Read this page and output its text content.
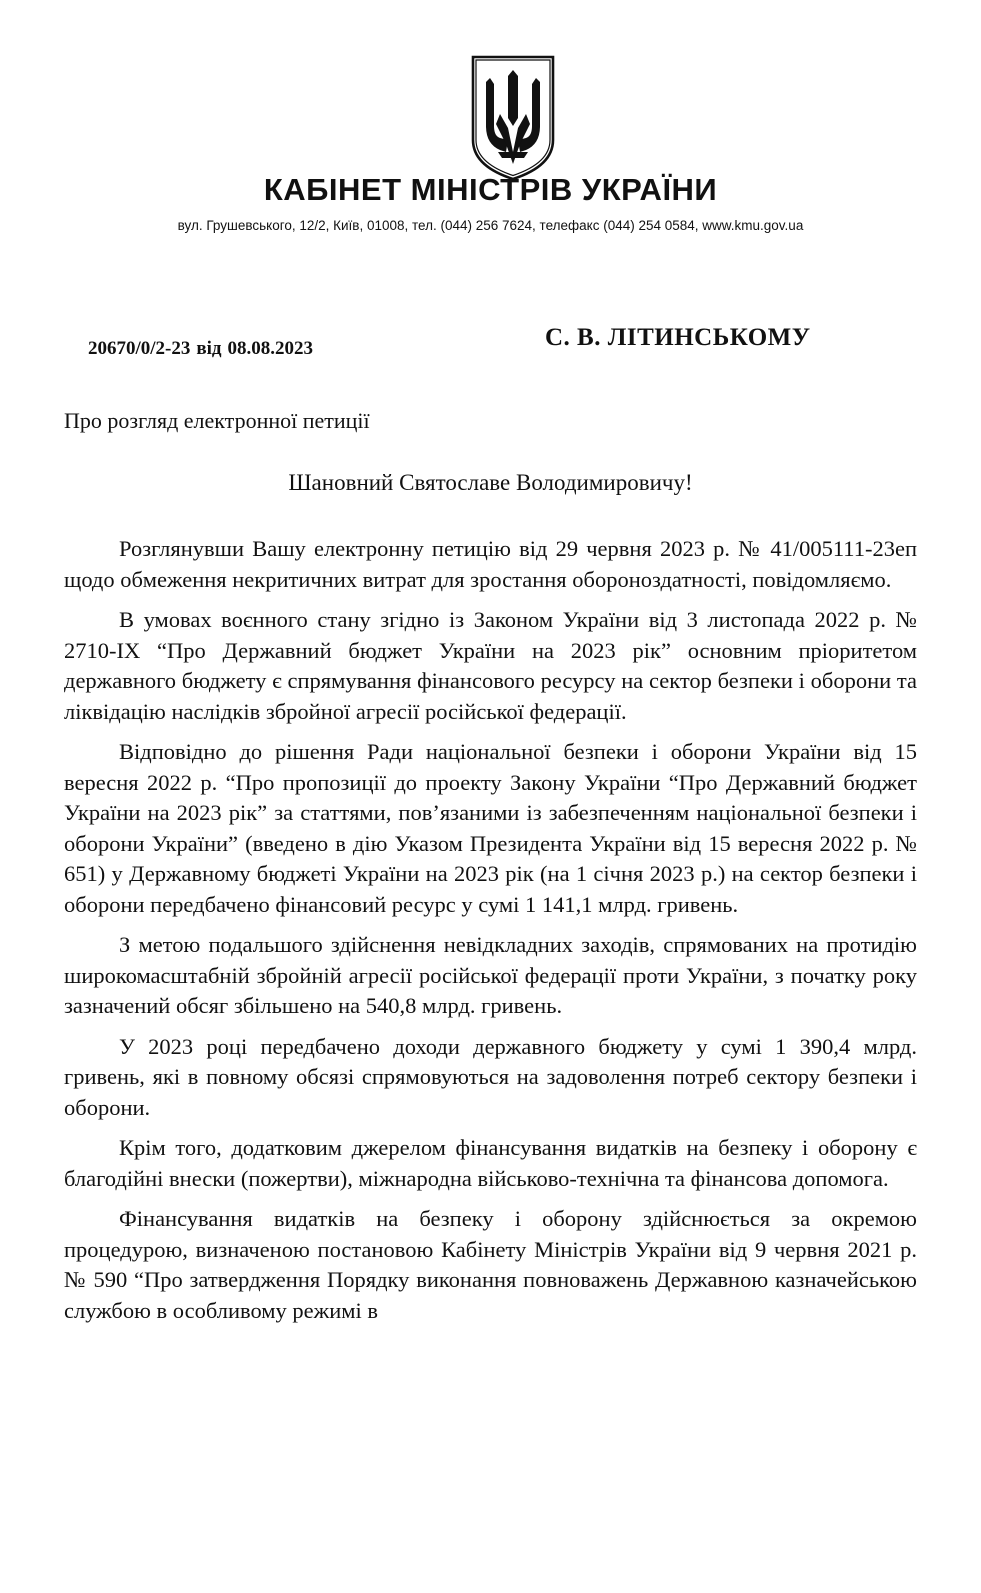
КАБІНЕТ МІНІСТРІВ УКРАЇНИ

вул. Грушевського, 12/2, Київ, 01008, тел. (044) 256 7624, телефакс (044) 254 0584, www.kmu.gov.ua

20670/0/2-23 від 08.08.2023	С. В. ЛІТИНСЬКОМУ
Про розгляд електронної петиції
Шановний Святославе Володимировичу!

Розглянувши Вашу електронну петицію від 29 червня 2023 р. № 41/005111-23еп щодо обмеження некритичних витрат для зростання обороноздатності, повідомляємо.

В умовах воєнного стану згідно із Законом України від 3 листопада 2022 р. № 2710-IX “Про Державний бюджет України на 2023 рік” основним пріоритетом державного бюджету є спрямування фінансового ресурсу на сектор безпеки і оборони та ліквідацію наслідків збройної агресії російської федерації.

Відповідно до рішення Ради національної безпеки і оборони України від 15 вересня 2022 р. “Про пропозиції до проекту Закону України “Про Державний бюджет України на 2023 рік” за статтями, пов’язаними із забезпеченням національної безпеки і оборони України” (введено в дію Указом Президента України від 15 вересня 2022 р. № 651) у Державному бюджеті України на 2023 рік (на 1 січня 2023 р.) на сектор безпеки і оборони передбачено фінансовий ресурс у сумі 1 141,1 млрд. гривень.

З метою подальшого здійснення невідкладних заходів, спрямованих на протидію широкомасштабній збройній агресії російської федерації проти України, з початку року зазначений обсяг збільшено на 540,8 млрд. гривень.

У 2023 році передбачено доходи державного бюджету у сумі 1 390,4 млрд. гривень, які в повному обсязі спрямовуються на задоволення потреб сектору безпеки і оборони.

Крім того, додатковим джерелом фінансування видатків на безпеку і оборону є благодійні внески (пожертви), міжнародна військово-технічна та фінансова допомога.

Фінансування видатків на безпеку і оборону здійснюється за окремою процедурою, визначеною постановою Кабінету Міністрів України від 9 червня 2021 р. № 590 “Про затвердження Порядку виконання повноважень Державною казначейською службою в особливому режимі в
